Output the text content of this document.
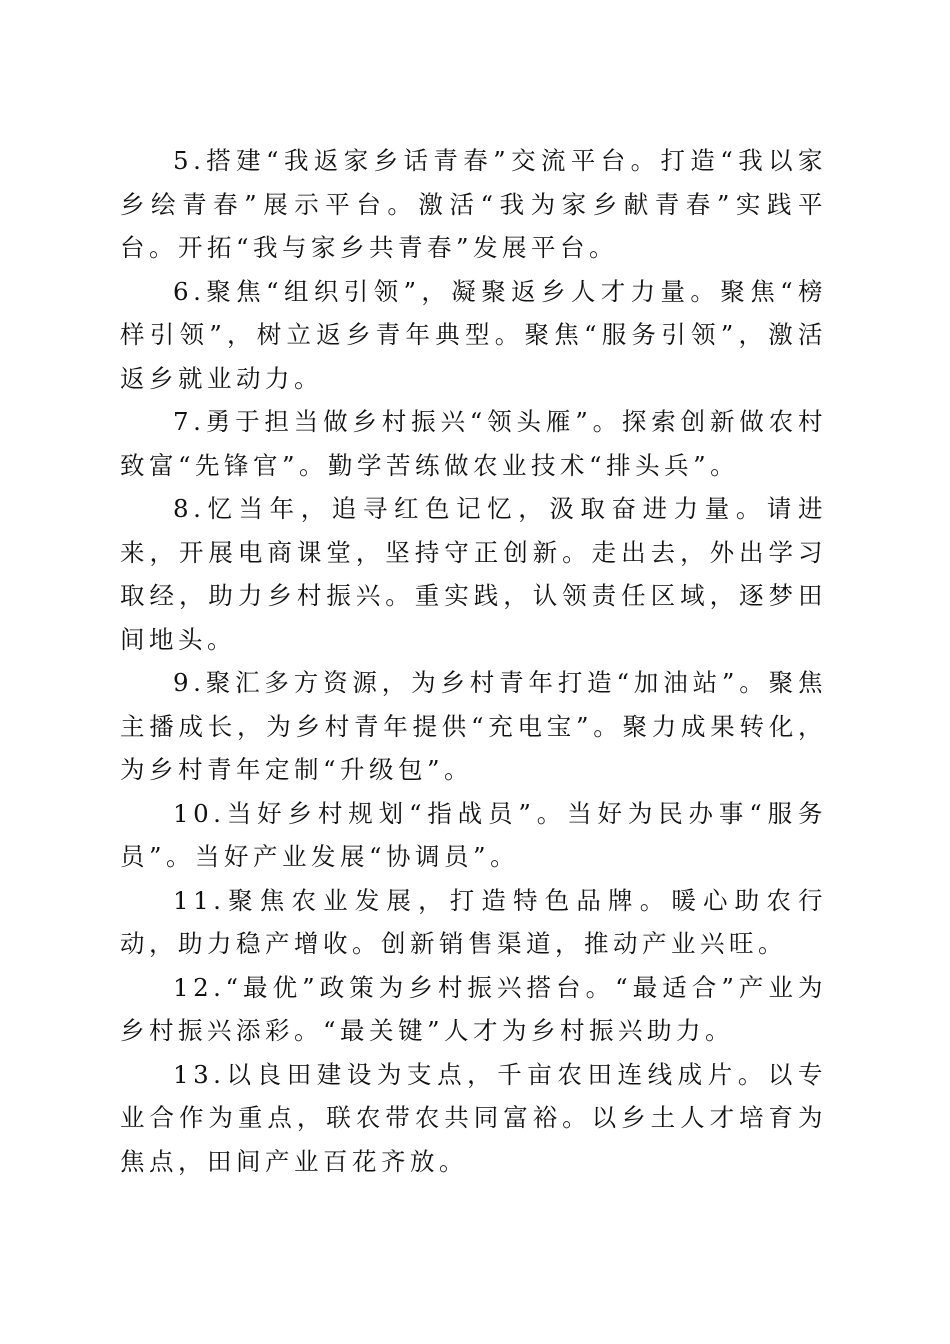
5.搭建“我返家乡话青春”交流平台。打造“我以家乡绘青春”展示平台。激活“我为家乡献青春”实践平台。开拓“我与家乡共青春”发展平台。

6.聚焦“组织引领”，凝聚返乡人才力量。聚焦“榜样引领”，树立返乡青年典型。聚焦“服务引领”，激活返乡就业动力。

7.勇于担当做乡村振兴“领头雁”。探索创新做农村致富“先锋官”。勤学苦练做农业技术“排头兵”。

8.忆当年，追寻红色记忆，汲取奋进力量。请进来，开展电商课堂，坚持守正创新。走出去，外出学习取经，助力乡村振兴。重实践，认领责任区域，逐梦田间地头。

9.聚汇多方资源，为乡村青年打造“加油站”。聚焦主播成长，为乡村青年提供“充电宝”。聚力成果转化，为乡村青年定制“升级包”。

10.当好乡村规划“指战员”。当好为民办事“服务员”。当好产业发展“协调员”。

11.聚焦农业发展，打造特色品牌。暖心助农行动，助力稳产增收。创新销售渠道，推动产业兴旺。

12.“最优”政策为乡村振兴搭台。“最适合”产业为乡村振兴添彩。“最关键”人才为乡村振兴助力。

13.以良田建设为支点，千亩农田连线成片。以专业合作为重点，联农带农共同富裕。以乡土人才培育为焦点，田间产业百花齐放。
